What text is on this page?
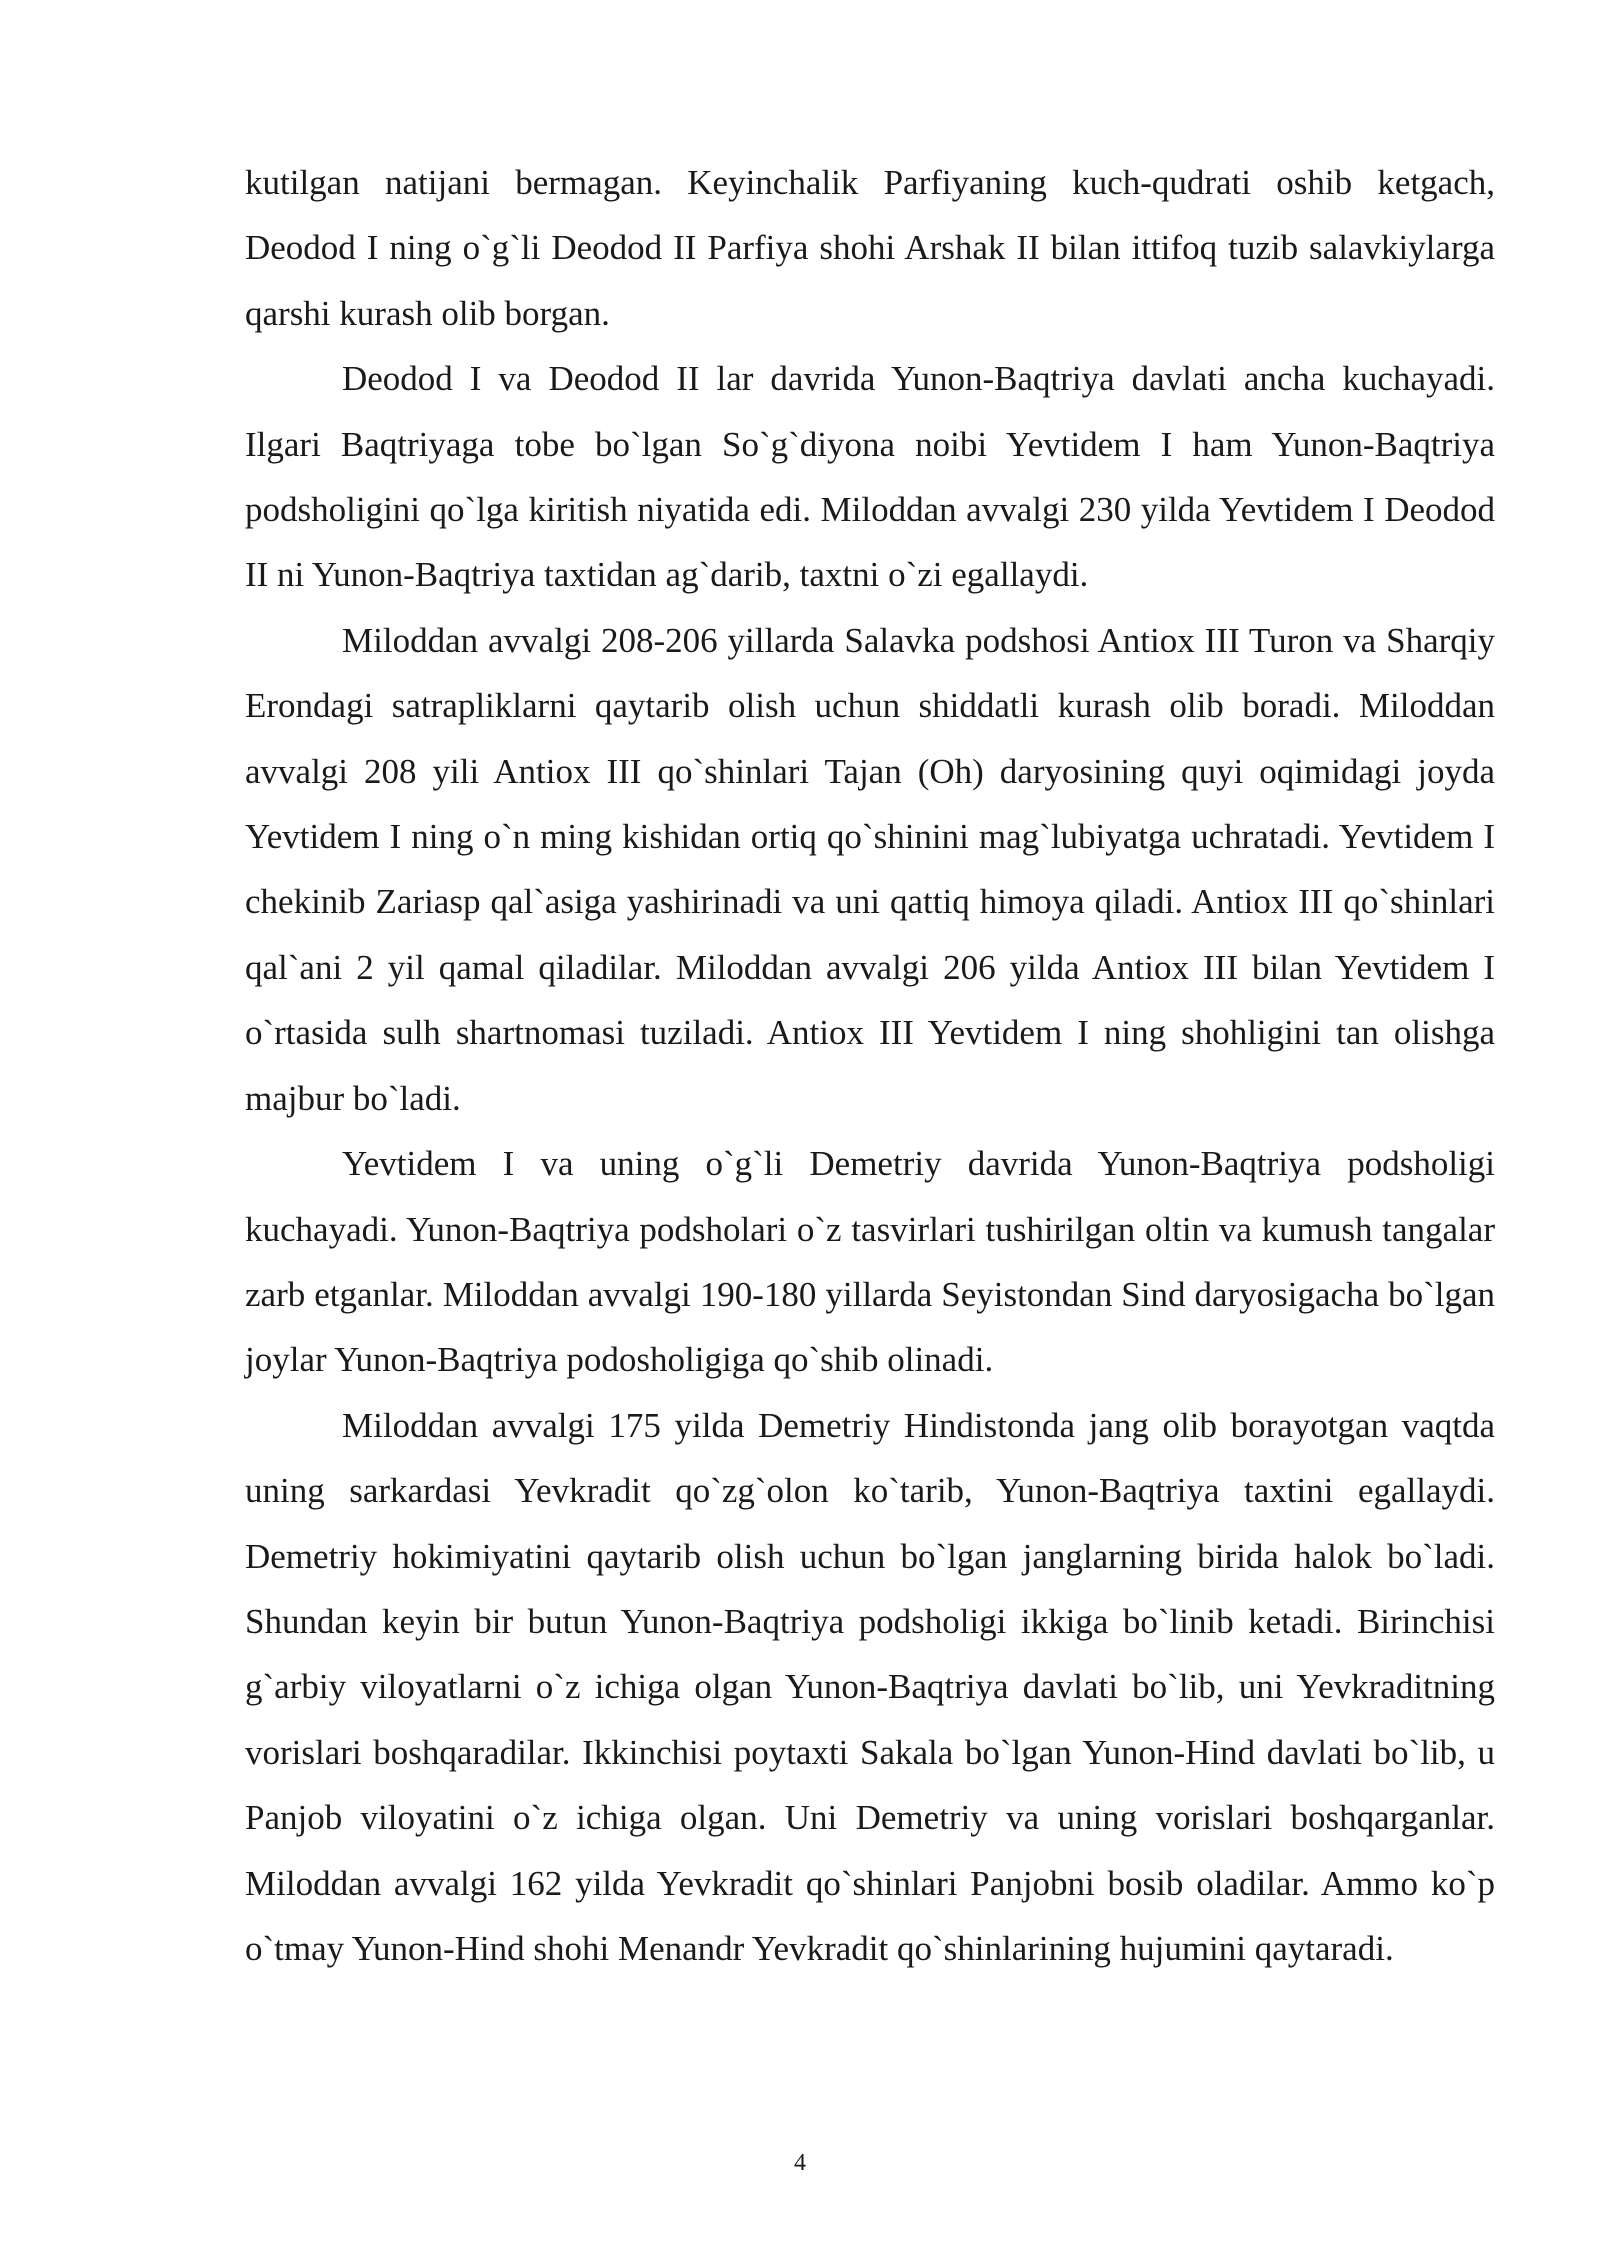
kutilgan natijani bermagan. Keyinchalik Parfiyaning kuch-qudrati oshib ketgach, Deodod I ning o`g`li Deodod II Parfiya shohi Arshak II bilan ittifoq tuzib salavkiylarga qarshi kurash olib borgan.

Deodod I va Deodod II lar davrida Yunon-Baqtriya davlati ancha kuchayadi. Ilgari Baqtriyaga tobe bo`lgan So`g`diyona noibi Yevtidem I ham Yunon-Baqtriya podsholigini qo`lga kiritish niyatida edi. Miloddan avvalgi 230 yilda Yevtidem I Deodod II ni Yunon-Baqtriya taxtidan ag`darib, taxtni o`zi egallaydi.

Miloddan avvalgi 208-206 yillarda Salavka podshosi Antiox III Turon va Sharqiy Erondagi satrapliklarni qaytarib olish uchun shiddatli kurash olib boradi. Miloddan avvalgi 208 yili Antiox III qo`shinlari Tajan (Oh) daryosining quyi oqimidagi joyda Yevtidem I ning o`n ming kishidan ortiq qo`shinini mag`lubiyatga uchratadi. Yevtidem I chekinib Zariasp qal`asiga yashirinadi va uni qattiq himoya qiladi. Antiox III qo`shinlari qal`ani 2 yil qamal qiladilar. Miloddan avvalgi 206 yilda Antiox III bilan Yevtidem I o`rtasida sulh shartnomasi tuziladi. Antiox III Yevtidem I ning shohligini tan olishga majbur bo`ladi.

Yevtidem I va uning o`g`li Demetriy davrida Yunon-Baqtriya podsholigi kuchayadi. Yunon-Baqtriya podsholari o`z tasvirlari tushirilgan oltin va kumush tangalar zarb etganlar. Miloddan avvalgi 190-180 yillarda Seyistondan Sind daryosigacha bo`lgan joylar Yunon-Baqtriya podosholigiga qo`shib olinadi.

Miloddan avvalgi 175 yilda Demetriy Hindistonda jang olib borayotgan vaqtda uning sarkardasi Yevkradit qo`zg`olon ko`tarib, Yunon-Baqtriya taxtini egallaydi. Demetriy hokimiyatini qaytarib olish uchun bo`lgan janglarning birida halok bo`ladi. Shundan keyin bir butun Yunon-Baqtriya podsholigi ikkiga bo`linib ketadi. Birinchisi g`arbiy viloyatlarni o`z ichiga olgan Yunon-Baqtriya davlati bo`lib, uni Yevkraditning vorislari boshqaradilar. Ikkinchisi poytaxti Sakala bo`lgan Yunon-Hind davlati bo`lib, u Panjob viloyatini o`z ichiga olgan. Uni Demetriy va uning vorislari boshqarganlar. Miloddan avvalgi 162 yilda Yevkradit qo`shinlari Panjobni bosib oladilar. Ammo ko`p o`tmay Yunon-Hind shohi Menandr Yevkradit qo`shinlarining hujumini qaytaradi.

4
